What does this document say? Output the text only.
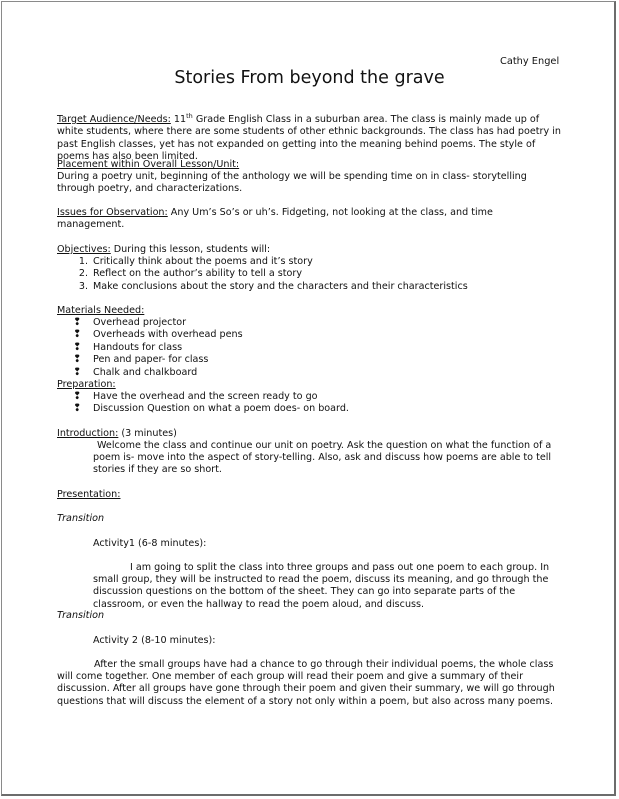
Cathy Engel
Stories From beyond the grave
Target Audience/Needs: 11th Grade English Class in a suburban area. The class is mainly made up of white students, where there are some students of other ethnic backgrounds. The class has had poetry in past English classes, yet has not expanded on getting into the meaning behind poems. The style of poems has also been limited.
Placement within Overall Lesson/Unit:
During a poetry unit, beginning of the anthology we will be spending time on in class- storytelling through poetry, and characterizations.
Issues for Observation: Any Um’s So’s or uh’s. Fidgeting, not looking at the class, and time management.
Objectives: During this lesson, students will:
1. Critically think about the poems and it’s story
2. Reflect on the author’s ability to tell a story
3. Make conclusions about the story and the characters and their characteristics
Materials Needed:
❢ Overhead projector
❢ Overheads with overhead pens
❢ Handouts for class
❢ Pen and paper- for class
❢ Chalk and chalkboard
Preparation:
❢ Have the overhead and the screen ready to go
❢ Discussion Question on what a poem does- on board.
Introduction: (3 minutes)
Welcome the class and continue our unit on poetry. Ask the question on what the function of a poem is- move into the aspect of story-telling. Also, ask and discuss how poems are able to tell stories if they are so short.
Presentation:
Transition
Activity1 (6-8 minutes):
I am going to split the class into three groups and pass out one poem to each group. In small group, they will be instructed to read the poem, discuss its meaning, and go through the discussion questions on the bottom of the sheet. They can go into separate parts of the classroom, or even the hallway to read the poem aloud, and discuss.
Transition
Activity 2 (8-10 minutes):
After the small groups have had a chance to go through their individual poems, the whole class will come together. One member of each group will read their poem and give a summary of their discussion. After all groups have gone through their poem and given their summary, we will go through questions that will discuss the element of a story not only within a poem, but also across many poems.
